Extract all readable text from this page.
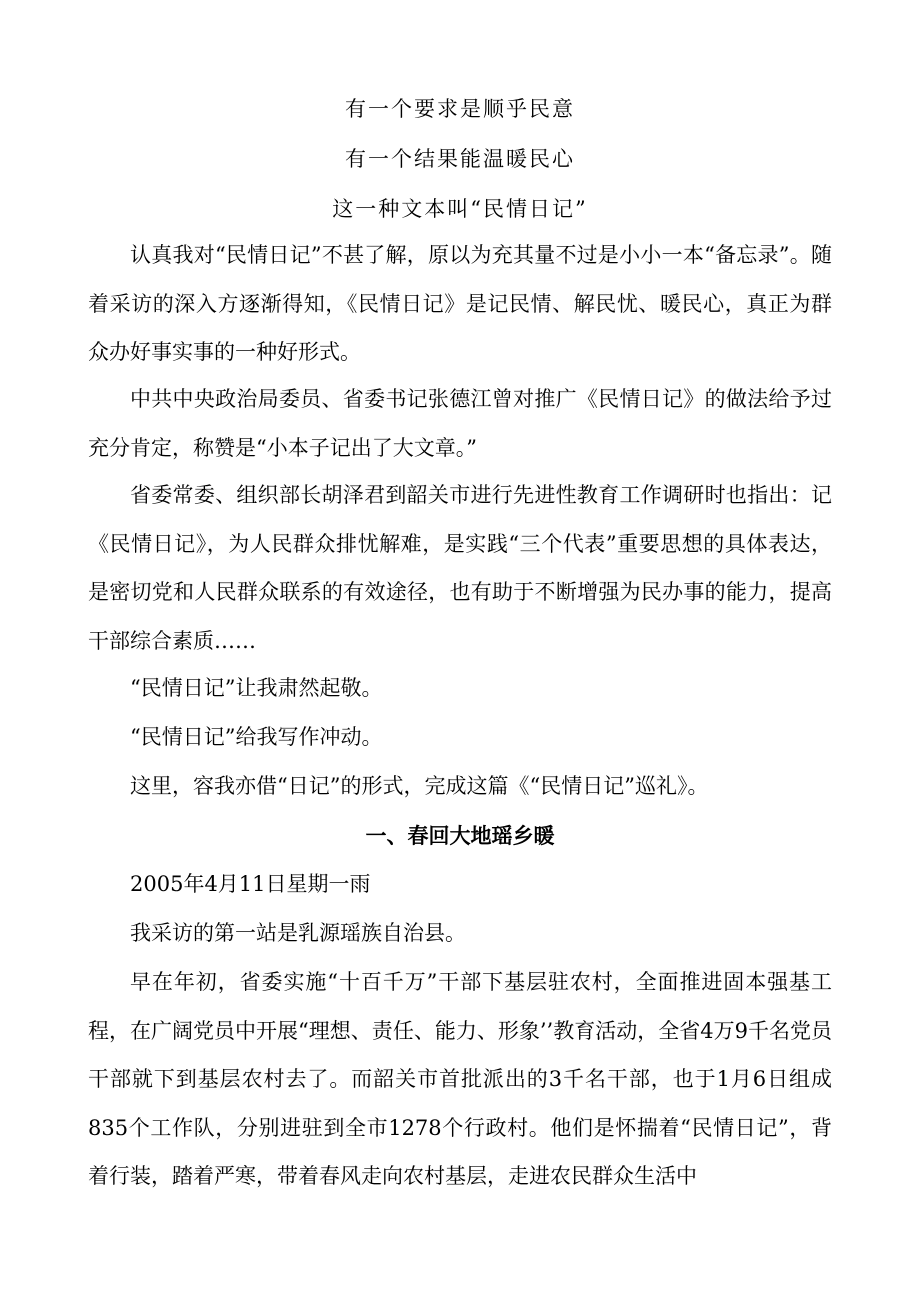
有一个要求是顺乎民意
有一个结果能温暖民心
这一种文本叫“民情日记”

认真我对“民情日记”不甚了解，原以为充其量不过是小小一本“备忘录”。随着采访的深入方逐渐得知，《民情日记》是记民情、解民忧、暖民心，真正为群众办好事实事的一种好形式。

中共中央政治局委员、省委书记张德江曾对推广《民情日记》的做法给予过充分肯定，称赞是“小本子记出了大文章。”

省委常委、组织部长胡泽君到韶关市进行先进性教育工作调研时也指出：记《民情日记》，为人民群众排忧解难，是实践“三个代表”重要思想的具体表达，是密切党和人民群众联系的有效途径，也有助于不断增强为民办事的能力，提高干部综合素质……

“民情日记”让我肃然起敬。

“民情日记”给我写作冲动。

这里，容我亦借“日记”的形式，完成这篇《“民情日记”巡礼》。

一、春回大地瑶乡暖

2005年4月11日星期一雨

我采访的第一站是乳源瑶族自治县。

早在年初，省委实施“十百千万”干部下基层驻农村，全面推进固本强基工程，在广阔党员中开展“理想、责任、能力、形象’’教育活动，全省4万9千名党员干部就下到基层农村去了。而韶关市首批派出的3千名干部，也于1月6日组成835个工作队，分别进驻到全市1278个行政村。他们是怀揣着“民情日记”，背着行装，踏着严寒，带着春风走向农村基层，走进农民群众生活中
